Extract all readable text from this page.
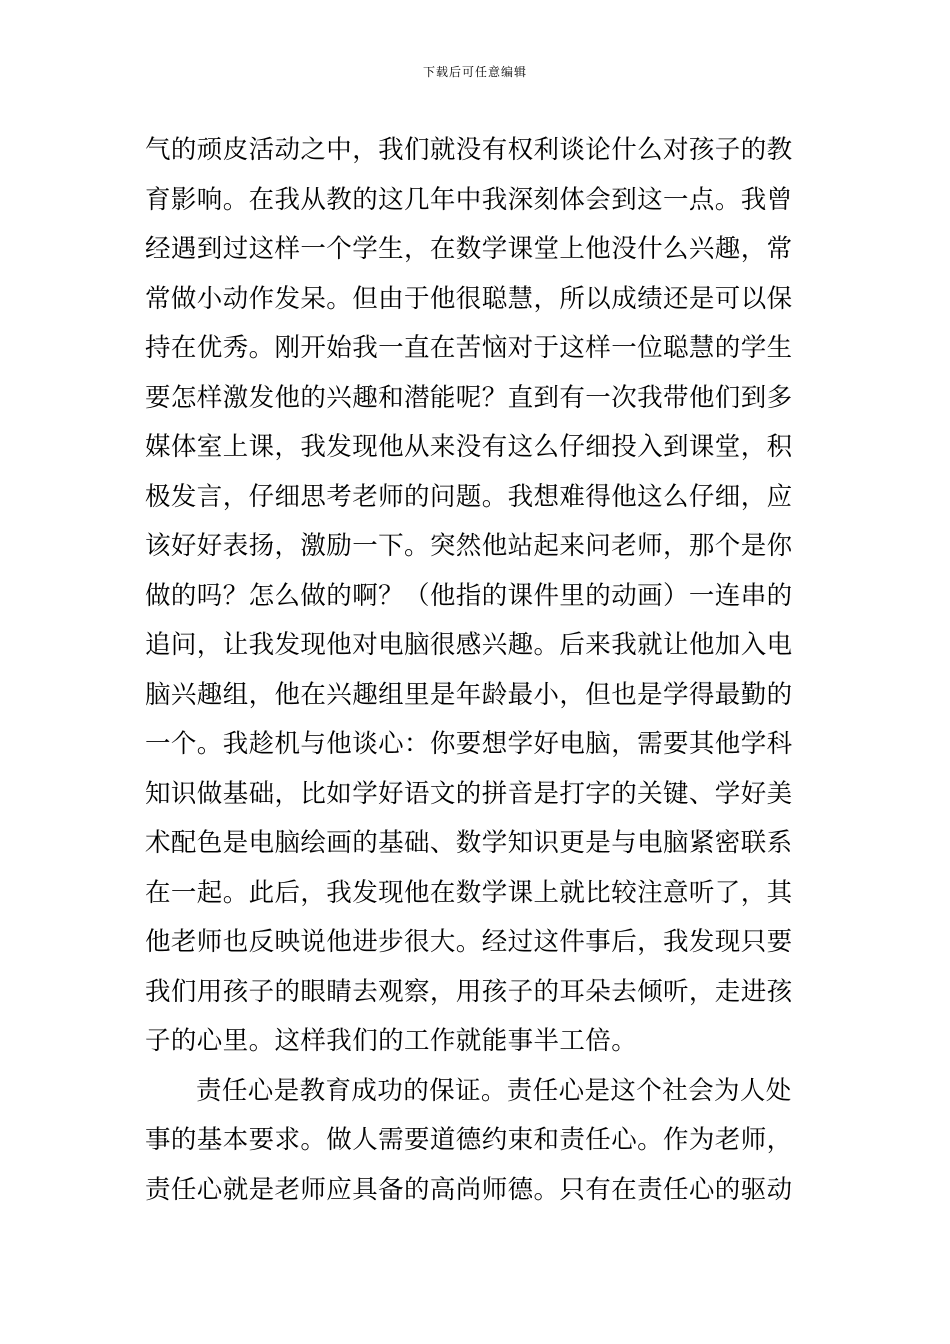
下载后可任意编辑
气的顽皮活动之中，我们就没有权利谈论什么对孩子的教
育影响。在我从教的这几年中我深刻体会到这一点。我曾
经遇到过这样一个学生，在数学课堂上他没什么兴趣，常
常做小动作发呆。但由于他很聪慧，所以成绩还是可以保
持在优秀。刚开始我一直在苦恼对于这样一位聪慧的学生
要怎样激发他的兴趣和潜能呢？直到有一次我带他们到多
媒体室上课，我发现他从来没有这么仔细投入到课堂，积
极发言，仔细思考老师的问题。我想难得他这么仔细，应
该好好表扬，激励一下。突然他站起来问老师，那个是你
做的吗？怎么做的啊？（他指的课件里的动画）一连串的
追问，让我发现他对电脑很感兴趣。后来我就让他加入电
脑兴趣组，他在兴趣组里是年龄最小，但也是学得最勤的
一个。我趁机与他谈心：你要想学好电脑，需要其他学科
知识做基础，比如学好语文的拼音是打字的关键、学好美
术配色是电脑绘画的基础、数学知识更是与电脑紧密联系
在一起。此后，我发现他在数学课上就比较注意听了，其
他老师也反映说他进步很大。经过这件事后，我发现只要
我们用孩子的眼睛去观察，用孩子的耳朵去倾听，走进孩
子的心里。这样我们的工作就能事半工倍。
责任心是教育成功的保证。责任心是这个社会为人处
事的基本要求。做人需要道德约束和责任心。作为老师，
责任心就是老师应具备的高尚师德。只有在责任心的驱动
